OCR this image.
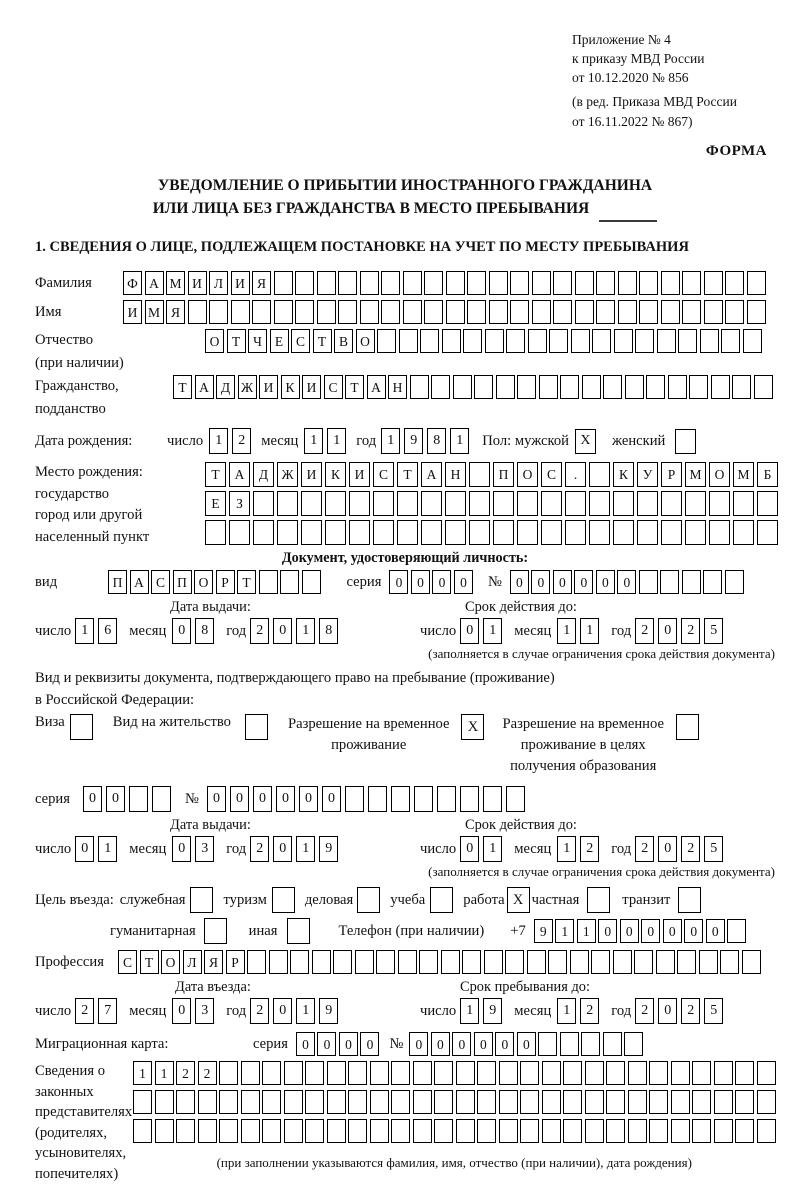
Приложение № 4
к приказу МВД России
от 10.12.2020 № 856
(в ред. Приказа МВД России
от 16.11.2022 № 867)
ФОРМА
УВЕДОМЛЕНИЕ О ПРИБЫТИИ ИНОСТРАННОГО ГРАЖДАНИНА
ИЛИ ЛИЦА БЕЗ ГРАЖДАНСТВА В МЕСТО ПРЕБЫВАНИЯ
1. СВЕДЕНИЯ О ЛИЦЕ, ПОДЛЕЖАЩЕМ ПОСТАНОВКЕ НА УЧЕТ ПО МЕСТУ ПРЕБЫВАНИЯ
Фамилия	Ф А М И Л И Я
Имя	И М Я
Отчество
(при наличии)
О Т Ч Е С Т В О
Гражданство,
подданство
Т А Д Ж И К И С Т А Н
Дата рождения:	число 1	2	месяц 1	1	год 1	9	8	1	Пол: мужской X	женский
Место рождения:
государство
город или другой
населенный пункт
Т	А	Д Ж И	К	И	С	Т	А	Н	П	О	С	.	К	У	Р	М О М	Б
Е	З
Документ, удостоверяющий личность:
вид	П А С П О Р	Т	серия	0	0	0	0	№	0	0	0	0	0	0
Дата выдачи:
число 1	6	месяц 0	8	год 2	0	1	8
Срок действия до:
число 0	1	месяц 1	1	год 2	0	2	5
(заполняется в случае ограничения срока действия документа)
Вид и реквизиты документа, подтверждающего право на пребывание (проживание)
в Российской Федерации:
Виза	Вид на жительство	Разрешение на временное
проживание
X	Разрешение на временное
проживание в целях
получения образования
серия	0	0	№	0	0	0	0	0	0
Дата выдачи:
число 0	1	месяц 0	3	год 2	0	1	9
Срок действия до:
число 0	1	месяц 1	2	год 2	0	2	5
(заполняется в случае ограничения срока действия документа)
Цель въезда: служебная	туризм	деловая	учеба	работа X частная	транзит
гуманитарная	иная	Телефон (при наличии) +7	9	1	1	0	0	0	0	0	0
Профессия	С Т О Л Я Р
Дата въезда:
число 2	7	месяц 0	3	год 2	0	1	9
Срок пребывания до:
число 1	9	месяц 1	2	год 2	0	2	5
Миграционная карта:	серия	0	0	0	0	№ 0	0	0	0	0	0
Сведения о
законных
представителях
(родителях,
усыновителях,
попечителях)
1	1	2	2
(при заполнении указываются фамилия, имя, отчество (при наличии), дата рождения)
